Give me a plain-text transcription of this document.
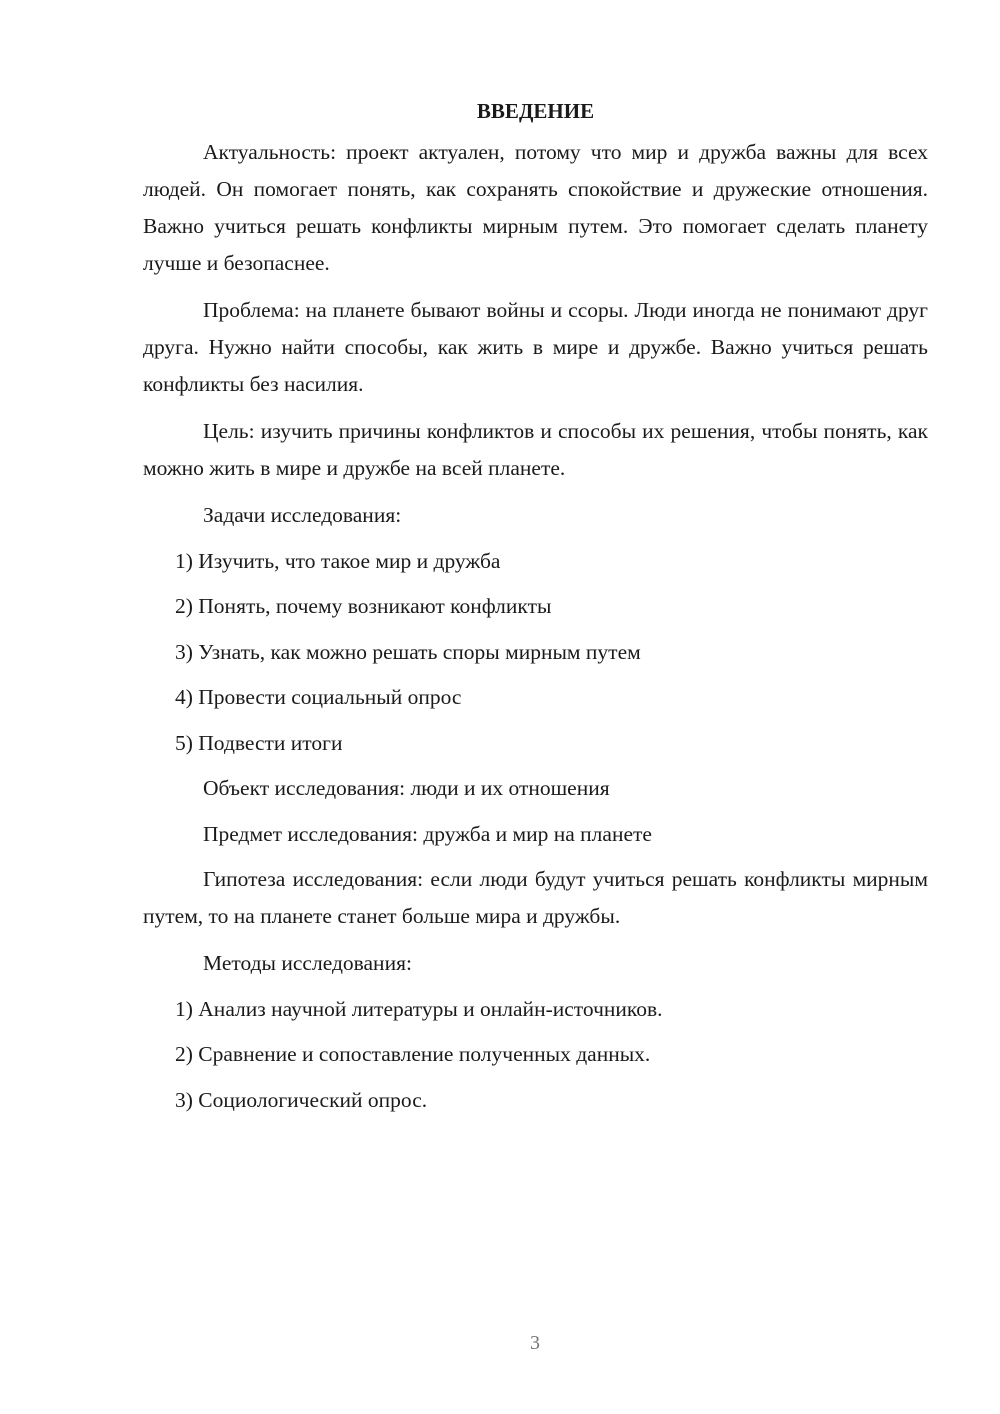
ВВЕДЕНИЕ

Актуальность: проект актуален, потому что мир и дружба важны для всех людей. Он помогает понять, как сохранять спокойствие и дружеские отношения. Важно учиться решать конфликты мирным путем. Это помогает сделать планету лучше и безопаснее.

Проблема: на планете бывают войны и ссоры. Люди иногда не понимают друг друга. Нужно найти способы, как жить в мире и дружбе. Важно учиться решать конфликты без насилия.

Цель: изучить причины конфликтов и способы их решения, чтобы понять, как можно жить в мире и дружбе на всей планете.

Задачи исследования:
1) Изучить, что такое мир и дружба
2) Понять, почему возникают конфликты
3) Узнать, как можно решать споры мирным путем
4) Провести социальный опрос
5) Подвести итоги
Объект исследования: люди и их отношения
Предмет исследования: дружба и мир на планете

Гипотеза исследования: если люди будут учиться решать конфликты мирным путем, то на планете станет больше мира и дружбы.

Методы исследования:
1) Анализ научной литературы и онлайн-источников.
2) Сравнение и сопоставление полученных данных.
3) Социологический опрос.
3
